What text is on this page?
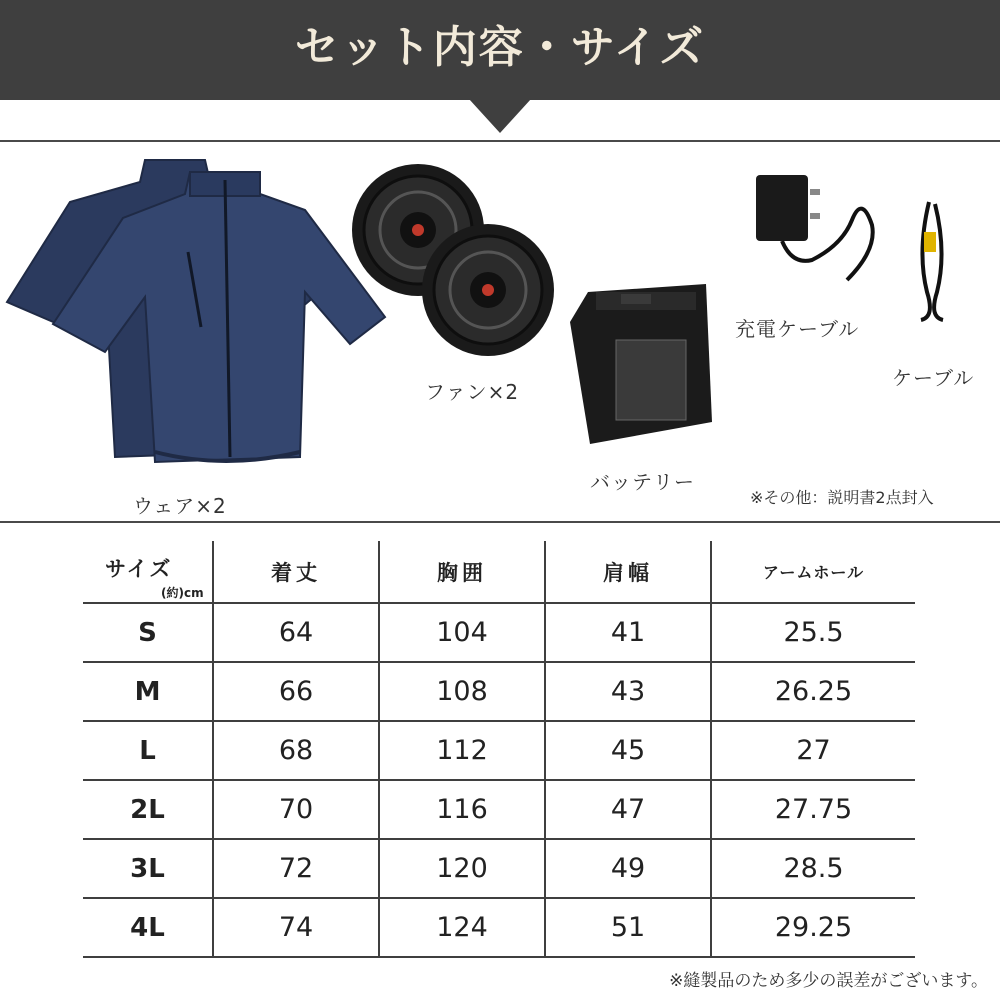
セット内容・サイズ
ウェア×2
ファン×2
バッテリー
充電ケーブル
ケーブル
※その他：説明書2点封入
サイズ
(約)cm	着丈	胸囲	肩幅	アームホール
S	64	104	41	25.5
M	66	108	43	26.25
L	68	112	45	27
2L	70	116	47	27.75
3L	72	120	49	28.5
4L	74	124	51	29.25
※縫製品のため多少の誤差がございます。
